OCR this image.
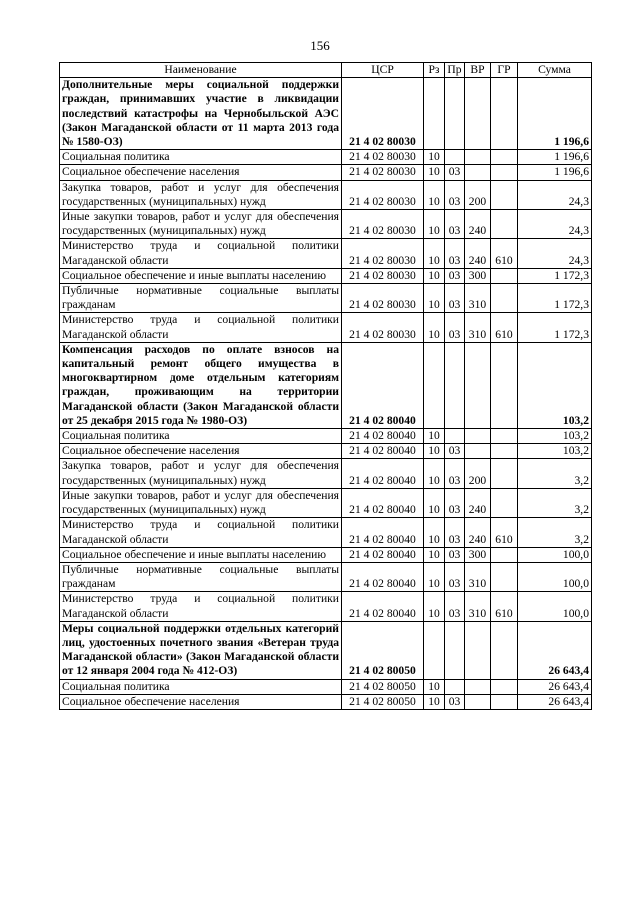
156
Наименование	ЦСР	Рз	Пр	ВР	ГР	Сумма
Дополнительные меры социальной поддержки граждан, принимавших участие в ликвидации последствий катастрофы на Чернобыльской АЭС (Закон Магаданской области от 11 марта 2013 года № 1580-ОЗ)	21 4 02 80030					1 196,6
Социальная политика	21 4 02 80030	10				1 196,6
Социальное обеспечение населения	21 4 02 80030	10	03			1 196,6
Закупка товаров, работ и услуг для обеспечения государственных (муниципальных) нужд	21 4 02 80030	10	03	200		24,3
Иные закупки товаров, работ и услуг для обеспечения государственных (муниципальных) нужд	21 4 02 80030	10	03	240		24,3
Министерство труда и социальной политики Магаданской области	21 4 02 80030	10	03	240	610	24,3
Социальное обеспечение и иные выплаты населению	21 4 02 80030	10	03	300		1 172,3
Публичные нормативные социальные выплаты гражданам	21 4 02 80030	10	03	310		1 172,3
Министерство труда и социальной политики Магаданской области	21 4 02 80030	10	03	310	610	1 172,3
Компенсация расходов по оплате взносов на капитальный ремонт общего имущества в многоквартирном доме отдельным категориям граждан, проживающим на территории Магаданской области (Закон Магаданской области от 25 декабря 2015 года № 1980-ОЗ)	21 4 02 80040					103,2
Социальная политика	21 4 02 80040	10				103,2
Социальное обеспечение населения	21 4 02 80040	10	03			103,2
Закупка товаров, работ и услуг для обеспечения государственных (муниципальных) нужд	21 4 02 80040	10	03	200		3,2
Иные закупки товаров, работ и услуг для обеспечения государственных (муниципальных) нужд	21 4 02 80040	10	03	240		3,2
Министерство труда и социальной политики Магаданской области	21 4 02 80040	10	03	240	610	3,2
Социальное обеспечение и иные выплаты населению	21 4 02 80040	10	03	300		100,0
Публичные нормативные социальные выплаты гражданам	21 4 02 80040	10	03	310		100,0
Министерство труда и социальной политики Магаданской области	21 4 02 80040	10	03	310	610	100,0
Меры социальной поддержки отдельных категорий лиц, удостоенных почетного звания «Ветеран труда Магаданской области» (Закон Магаданской области от 12 января 2004 года № 412-ОЗ)	21 4 02 80050					26 643,4
Социальная политика	21 4 02 80050	10				26 643,4
Социальное обеспечение населения	21 4 02 80050	10	03			26 643,4
